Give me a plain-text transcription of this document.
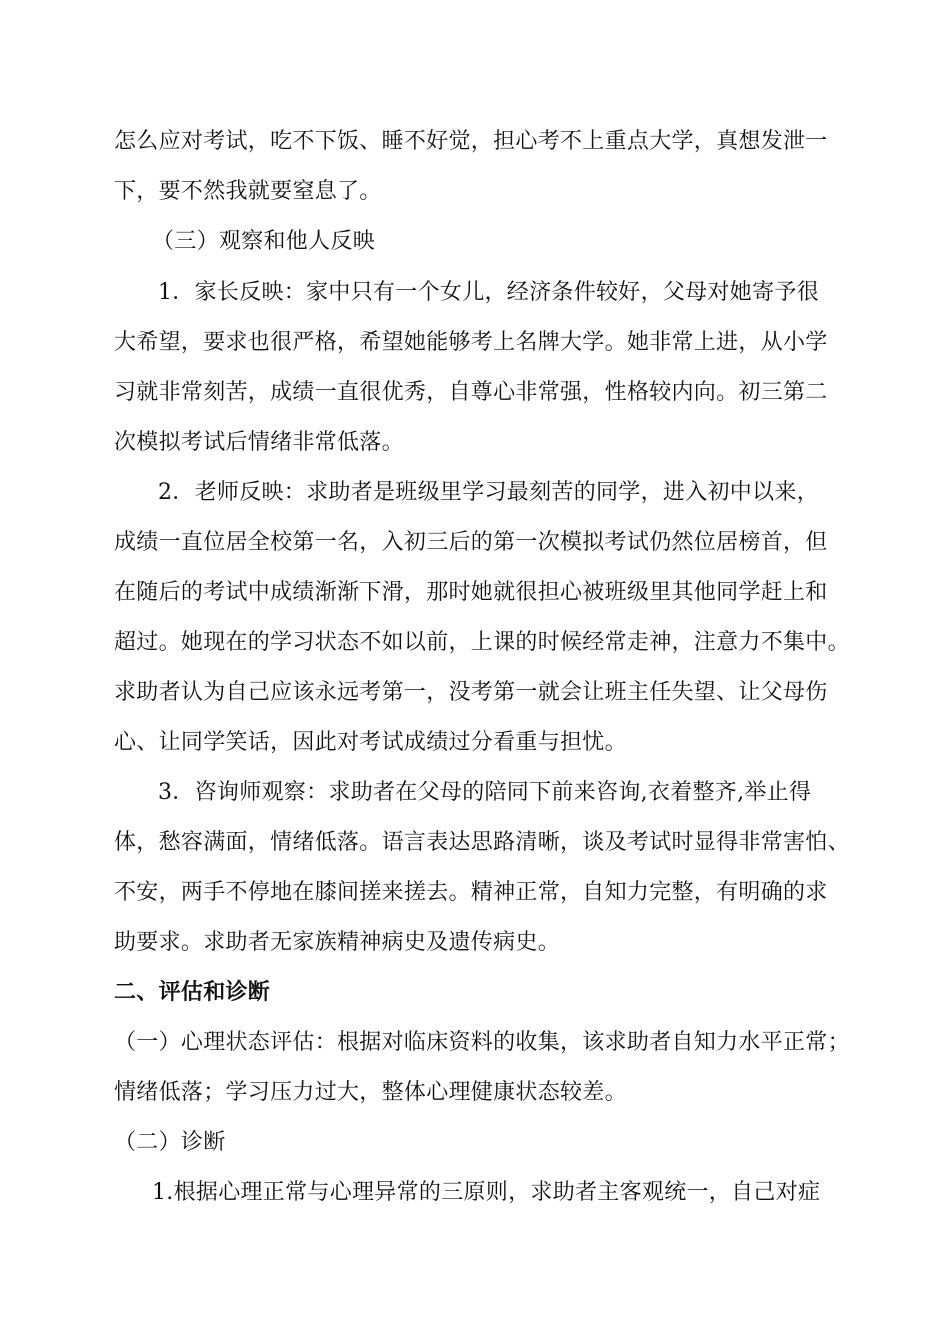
怎么应对考试，吃不下饭、睡不好觉，担心考不上重点大学，真想发泄一
下，要不然我就要窒息了。
（三）观察和他人反映
1．家长反映：家中只有一个女儿，经济条件较好，父母对她寄予很
大希望，要求也很严格，希望她能够考上名牌大学。她非常上进，从小学
习就非常刻苦，成绩一直很优秀，自尊心非常强，性格较内向。初三第二
次模拟考试后情绪非常低落。
2．老师反映：求助者是班级里学习最刻苦的同学，进入初中以来，
成绩一直位居全校第一名，入初三后的第一次模拟考试仍然位居榜首，但
在随后的考试中成绩渐渐下滑，那时她就很担心被班级里其他同学赶上和
超过。她现在的学习状态不如以前，上课的时候经常走神，注意力不集中。
求助者认为自己应该永远考第一，没考第一就会让班主任失望、让父母伤
心、让同学笑话，因此对考试成绩过分看重与担忧。
3．咨询师观察：求助者在父母的陪同下前来咨询,衣着整齐,举止得
体，愁容满面，情绪低落。语言表达思路清晰，谈及考试时显得非常害怕、
不安，两手不停地在膝间搓来搓去。精神正常，自知力完整，有明确的求
助要求。求助者无家族精神病史及遗传病史。
二、评估和诊断
（一）心理状态评估：根据对临床资料的收集，该求助者自知力水平正常；
情绪低落；学习压力过大，整体心理健康状态较差。
（二）诊断
1.根据心理正常与心理异常的三原则，求助者主客观统一，自己对症
